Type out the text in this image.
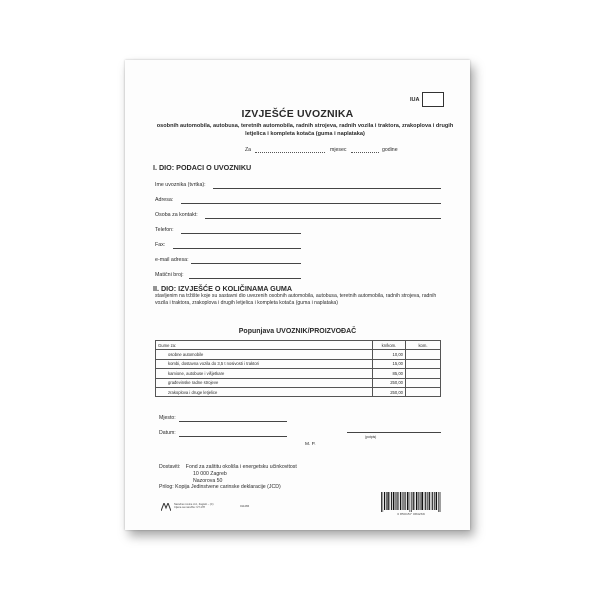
IUA
IZVJEŠĆE UVOZNIKA
osobnih automobila, autobusa, teretnih automobila, radnih strojeva, radnih vozila i traktora, zrakoplova i drugih letjelica i kompleta kotača (guma i naplataka)
Za	mjesec	godine
I. DIO: PODACI O UVOZNIKU
Ime uvoznika (tvrtka):
Adresa:
Osoba za kontakt:
Telefon:
Fax:
e-mail adresa:
Matični broj:
II. DIO: IZVJEŠĆE O KOLIČINAMA GUMA
stavljenim na tržište koje su sastavni dio uvezenih osobnih automobila, autobusa, teretnih automobila, radnih strojeva, radnih vozila i traktora, zrakoplova i drugih letjelica i kompleta kotača (guma i naplataka)
Popunjava UVOZNIK/PROIZVOĐAČ
Gume za:	kn/kom.	kom.
osobne automobile	10,00	
kombi, dostavna vozila do 3,5 t nosivosti i traktori	15,00	
kamione, autobuse i višjetkare	85,00	
građevinske radne strojeve	250,00	
zrakoplova i druge letjelice	250,00	
Mjesto:
Datum:
M. P.
(potpis)
Dostaviti: Fond za zaštitu okoliša i energetsku učinkovitost
10 000 Zagreb
Nazorova 50
Prilog: Kopija Jedinstvene carinske deklaracije (JCD)
Narodne novine d.d., Zagreb – (C)
Cijena sa naručbu: UT-178	011286
3 850157 084269
